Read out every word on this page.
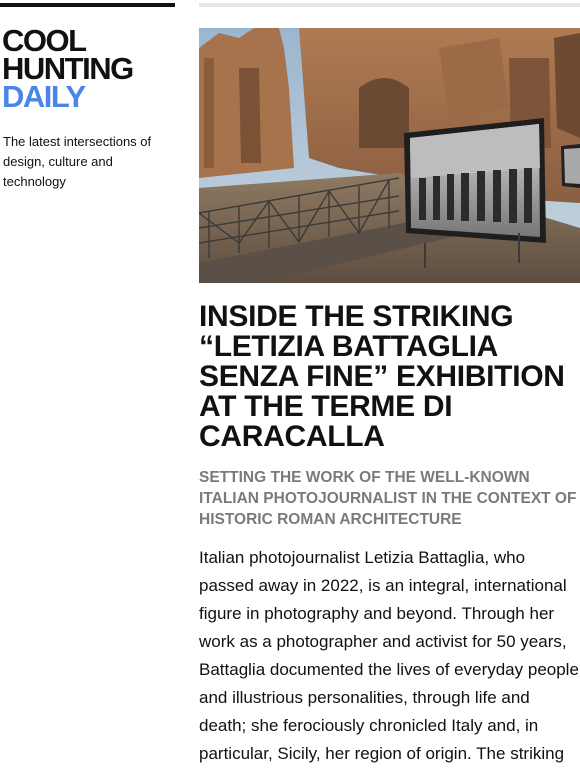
COOL
HUNTING
DAILY
The latest intersections of design, culture and technology
INSIDE THE STRIKING “LETIZIA BATTAGLIA SENZA FINE” EXHIBITION AT THE TERME DI CARACALLA
SETTING THE WORK OF THE WELL-KNOWN ITALIAN PHOTOJOURNALIST IN THE CONTEXT OF HISTORIC ROMAN ARCHITECTURE

Italian photojournalist Letizia Battaglia, who passed away in 2022, is an integral, international figure in photography and beyond. Through her work as a photographer and activist for 50 years, Battaglia documented the lives of everyday people and illustrious personalities, through life and death; she ferociously chronicled Italy and, in particular, Sicily, her region of origin. The striking
